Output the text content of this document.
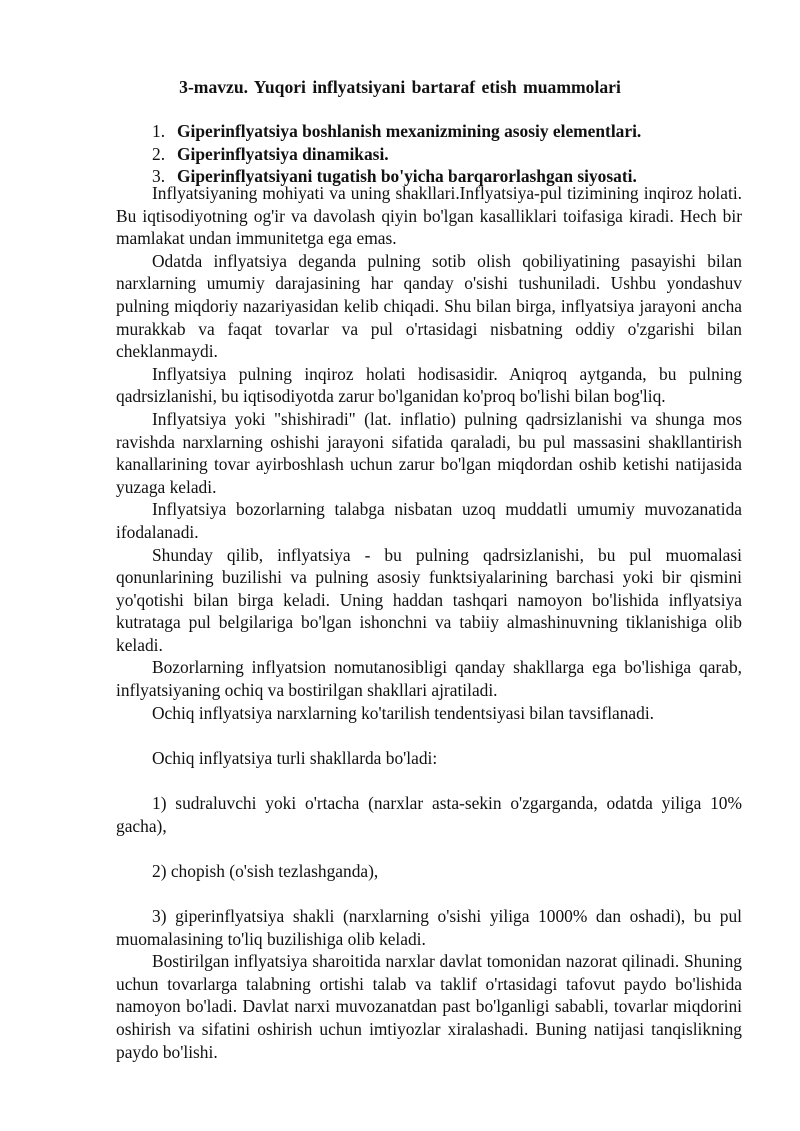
3-mavzu. Yuqori inflyatsiyani bartaraf etish muammolari
1. Giperinflyatsiya boshlanish mexanizmining asosiy elementlari.
2. Giperinflyatsiya dinamikasi.
3. Giperinflyatsiyani tugatish bo'yicha barqarorlashgan siyosati.

Inflyatsiyaning mohiyati va uning shakllari.Inflyatsiya-pul tizimining inqiroz holati. Bu iqtisodiyotning og'ir va davolash qiyin bo'lgan kasalliklari toifasiga kiradi. Hech bir mamlakat undan immunitetga ega emas.

Odatda inflyatsiya deganda pulning sotib olish qobiliyatining pasayishi bilan narxlarning umumiy darajasining har qanday o'sishi tushuniladi. Ushbu yondashuv pulning miqdoriy nazariyasidan kelib chiqadi. Shu bilan birga, inflyatsiya jarayoni ancha murakkab va faqat tovarlar va pul o'rtasidagi nisbatning oddiy o'zgarishi bilan cheklanmaydi.

Inflyatsiya pulning inqiroz holati hodisasidir. Aniqroq aytganda, bu pulning qadrsizlanishi, bu iqtisodiyotda zarur bo'lganidan ko'proq bo'lishi bilan bog'liq.

Inflyatsiya yoki "shishiradi" (lat. inflatio) pulning qadrsizlanishi va shunga mos ravishda narxlarning oshishi jarayoni sifatida qaraladi, bu pul massasini shakllantirish kanallarining tovar ayirboshlash uchun zarur bo'lgan miqdordan oshib ketishi natijasida yuzaga keladi.

Inflyatsiya bozorlarning talabga nisbatan uzoq muddatli umumiy muvozanatida ifodalanadi.

Shunday qilib, inflyatsiya - bu pulning qadrsizlanishi, bu pul muomalasi qonunlarining buzilishi va pulning asosiy funktsiyalarining barchasi yoki bir qismini yo'qotishi bilan birga keladi. Uning haddan tashqari namoyon bo'lishida inflyatsiya kutrataga pul belgilariga bo'lgan ishonchni va tabiiy almashinuvning tiklanishiga olib keladi.

Bozorlarning inflyatsion nomutanosibligi qanday shakllarga ega bo'lishiga qarab, inflyatsiyaning ochiq va bostirilgan shakllari ajratiladi.

Ochiq inflyatsiya narxlarning ko'tarilish tendentsiyasi bilan tavsiflanadi.

Ochiq inflyatsiya turli shakllarda bo'ladi:

1) sudraluvchi yoki o'rtacha (narxlar asta-sekin o'zgarganda, odatda yiliga 10% gacha),

2) chopish (o'sish tezlashganda),

3) giperinflyatsiya shakli (narxlarning o'sishi yiliga 1000% dan oshadi), bu pul muomalasining to'liq buzilishiga olib keladi.

Bostirilgan inflyatsiya sharoitida narxlar davlat tomonidan nazorat qilinadi. Shuning uchun tovarlarga talabning ortishi talab va taklif o'rtasidagi tafovut paydo bo'lishida namoyon bo'ladi. Davlat narxi muvozanatdan past bo'lganligi sababli, tovarlar miqdorini oshirish va sifatini oshirish uchun imtiyozlar xiralashadi. Buning natijasi tanqislikning paydo bo'lishi.
